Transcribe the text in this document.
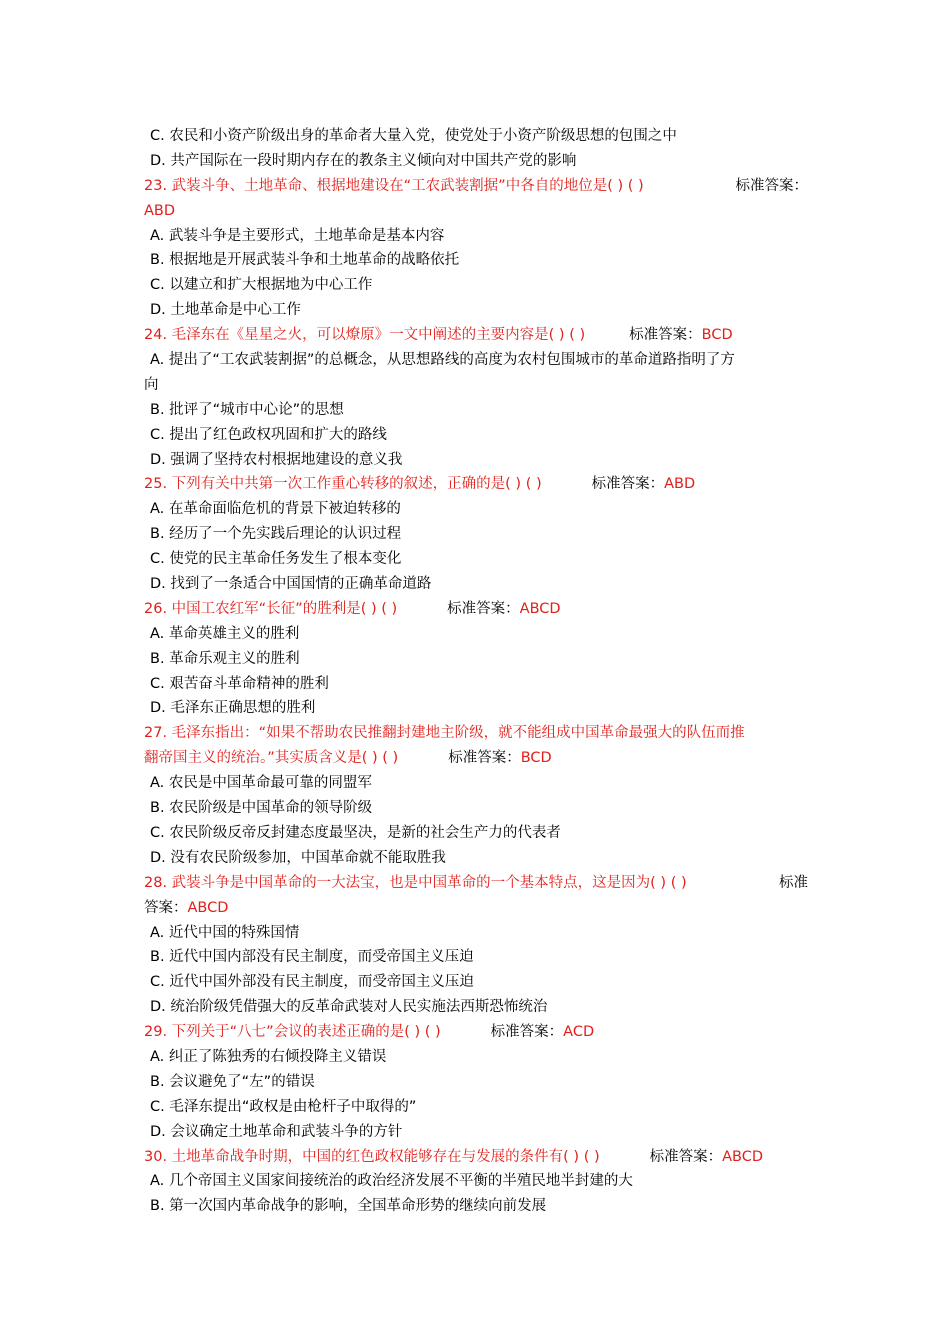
C. 农民和小资产阶级出身的革命者大量入党，使党处于小资产阶级思想的包围之中
D. 共产国际在一段时期内存在的教条主义倾向对中国共产党的影响
23. 武装斗争、土地革命、根据地建设在“工农武装割据”中各自的地位是( ) ( )	标准答案：
ABD
A. 武装斗争是主要形式，土地革命是基本内容
B. 根据地是开展武装斗争和土地革命的战略依托
C. 以建立和扩大根据地为中心工作
D. 土地革命是中心工作
24. 毛泽东在《星星之火，可以燎原》一文中阐述的主要内容是( ) ( )	标准答案：BCD
A. 提出了“工农武装割据”的总概念，从思想路线的高度为农村包围城市的革命道路指明了方
向
B. 批评了“城市中心论”的思想
C. 提出了红色政权巩固和扩大的路线
D. 强调了坚持农村根据地建设的意义我
25. 下列有关中共第一次工作重心转移的叙述，正确的是( ) ( )	标准答案：ABD
A. 在革命面临危机的背景下被迫转移的
B. 经历了一个先实践后理论的认识过程
C. 使党的民主革命任务发生了根本变化
D. 找到了一条适合中国国情的正确革命道路
26. 中国工农红军“长征”的胜利是( ) ( )	标准答案：ABCD
A. 革命英雄主义的胜利
B. 革命乐观主义的胜利
C. 艰苦奋斗革命精神的胜利
D. 毛泽东正确思想的胜利
27. 毛泽东指出：“如果不帮助农民推翻封建地主阶级，就不能组成中国革命最强大的队伍而推
翻帝国主义的统治。”其实质含义是( ) ( )	标准答案：BCD
A. 农民是中国革命最可靠的同盟军
B. 农民阶级是中国革命的领导阶级
C. 农民阶级反帝反封建态度最坚决，是新的社会生产力的代表者
D. 没有农民阶级参加，中国革命就不能取胜我
28. 武装斗争是中国革命的一大法宝，也是中国革命的一个基本特点，这是因为( ) ( )	标准
答案：ABCD
A. 近代中国的特殊国情
B. 近代中国内部没有民主制度，而受帝国主义压迫
C. 近代中国外部没有民主制度，而受帝国主义压迫
D. 统治阶级凭借强大的反革命武装对人民实施法西斯恐怖统治
29. 下列关于“八七”会议的表述正确的是( ) ( )	标准答案：ACD
A. 纠正了陈独秀的右倾投降主义错误
B. 会议避免了“左”的错误
C. 毛泽东提出“政权是由枪杆子中取得的”
D. 会议确定土地革命和武装斗争的方针
30. 土地革命战争时期，中国的红色政权能够存在与发展的条件有( ) ( )	标准答案：ABCD
A. 几个帝国主义国家间接统治的政治经济发展不平衡的半殖民地半封建的大
B. 第一次国内革命战争的影响，全国革命形势的继续向前发展
